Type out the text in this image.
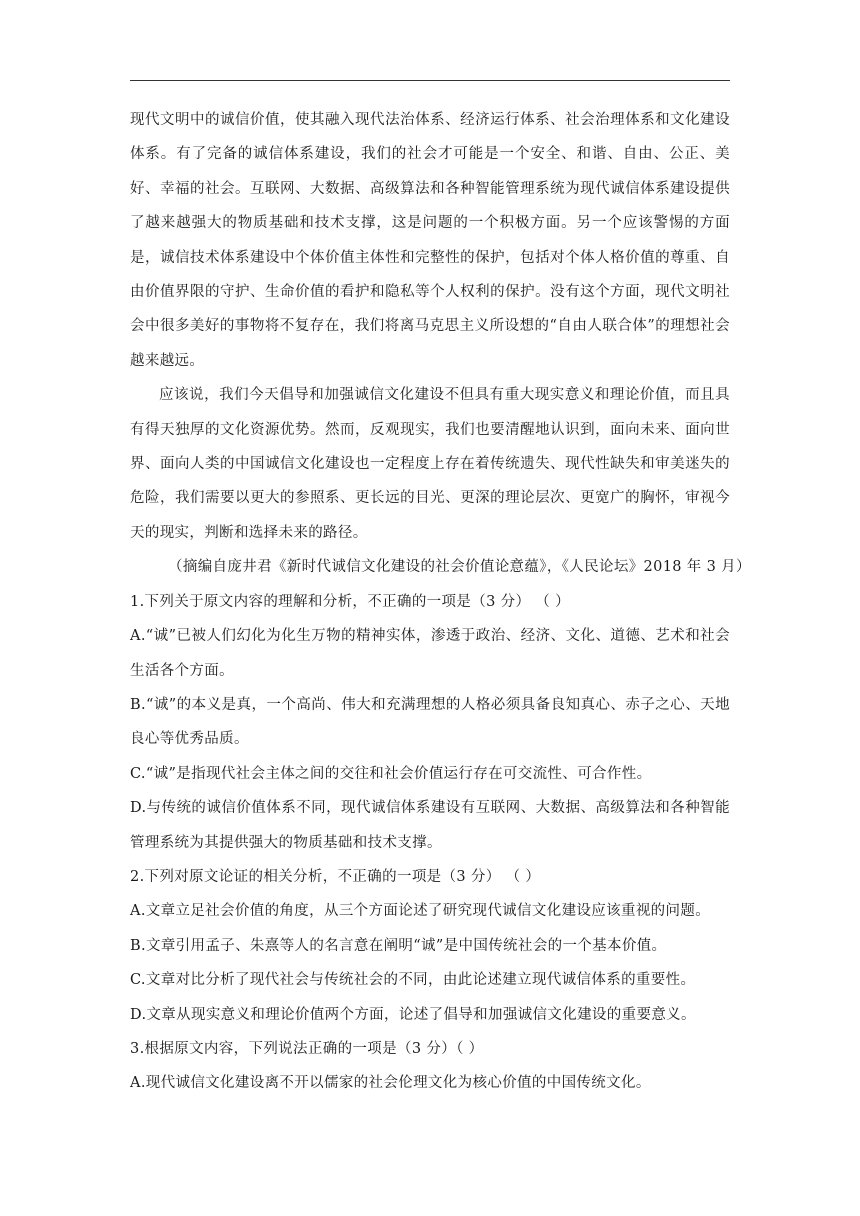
现代文明中的诚信价值，使其融入现代法治体系、经济运行体系、社会治理体系和文化建设体系。有了完备的诚信体系建设，我们的社会才可能是一个安全、和谐、自由、公正、美好、幸福的社会。互联网、大数据、高级算法和各种智能管理系统为现代诚信体系建设提供了越来越强大的物质基础和技术支撑，这是问题的一个积极方面。另一个应该警惕的方面是，诚信技术体系建设中个体价值主体性和完整性的保护，包括对个体人格价值的尊重、自由价值界限的守护、生命价值的看护和隐私等个人权利的保护。没有这个方面，现代文明社会中很多美好的事物将不复存在，我们将离马克思主义所设想的“自由人联合体”的理想社会越来越远。

应该说，我们今天倡导和加强诚信文化建设不但具有重大现实意义和理论价值，而且具有得天独厚的文化资源优势。然而，反观现实，我们也要清醒地认识到，面向未来、面向世界、面向人类的中国诚信文化建设也一定程度上存在着传统遗失、现代性缺失和审美迷失的危险，我们需要以更大的参照系、更长远的目光、更深的理论层次、更宽广的胸怀，审视今天的现实，判断和选择未来的路径。

（摘编自庞井君《新时代诚信文化建设的社会价值论意蕴》，《人民论坛》2018 年 3 月）

1.下列关于原文内容的理解和分析，不正确的一项是（3 分） （ ）

A.“诚”已被人们幻化为化生万物的精神实体，渗透于政治、经济、文化、道德、艺术和社会生活各个方面。

B.“诚”的本义是真，一个高尚、伟大和充满理想的人格必须具备良知真心、赤子之心、天地良心等优秀品质。

C.“诚”是指现代社会主体之间的交往和社会价值运行存在可交流性、可合作性。

D.与传统的诚信价值体系不同，现代诚信体系建设有互联网、大数据、高级算法和各种智能管理系统为其提供强大的物质基础和技术支撑。

2.下列对原文论证的相关分析，不正确的一项是（3 分） （ ）

A.文章立足社会价值的角度，从三个方面论述了研究现代诚信文化建设应该重视的问题。

B.文章引用孟子、朱熹等人的名言意在阐明“诚”是中国传统社会的一个基本价值。

C.文章对比分析了现代社会与传统社会的不同，由此论述建立现代诚信体系的重要性。

D.文章从现实意义和理论价值两个方面，论述了倡导和加强诚信文化建设的重要意义。

3.根据原文内容，下列说法正确的一项是（3 分）（ ）

A.现代诚信文化建设离不开以儒家的社会伦理文化为核心价值的中国传统文化。
